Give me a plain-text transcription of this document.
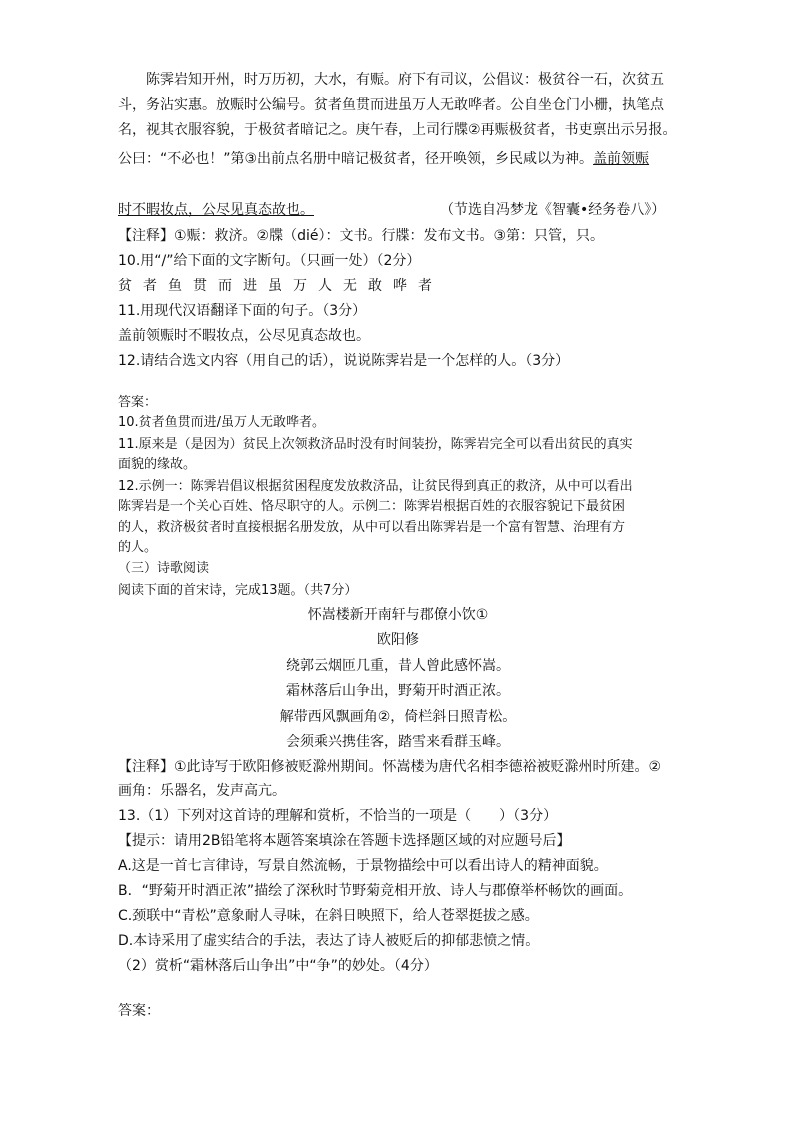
陈霁岩知开州，时万历初，大水，有赈。府下有司议，公倡议：极贫谷一石，次贫五
斗，务沾实惠。放赈时公编号。贫者鱼贯而进虽万人无敢哗者。公自坐仓门小栅，执笔点
名，视其衣服容貌，于极贫者暗记之。庚午春，上司行牒②再赈极贫者，书吏禀出示另报。
公曰：“不必也！”第③出前点名册中暗记极贫者，径开唤领，乡民咸以为神。盖前领赈
时不暇妆点，公尽见真态故也。	（节选自冯梦龙《智囊•经务卷八》）
【注释】①赈：救济。②牒（dié）：文书。行牒：发布文书。③第：只管，只。
10.用“/”给下面的文字断句。（只画一处）（2分）
贫者鱼贯而进虽万人无敢哗者
11.用现代汉语翻译下面的句子。（3分）
盖前领赈时不暇妆点，公尽见真态故也。
12.请结合选文内容（用自己的话），说说陈霁岩是一个怎样的人。（3分）
答案：
10.贫者鱼贯而进/虽万人无敢哗者。
11.原来是（是因为）贫民上次领救济品时没有时间装扮，陈霁岩完全可以看出贫民的真实
面貌的缘故。
12.示例一：陈霁岩倡议根据贫困程度发放救济品，让贫民得到真正的救济，从中可以看出
陈霁岩是一个关心百姓、恪尽职守的人。示例二：陈霁岩根据百姓的衣服容貌记下最贫困
的人，救济极贫者时直接根据名册发放，从中可以看出陈霁岩是一个富有智慧、治理有方
的人。
（三）诗歌阅读
阅读下面的首宋诗，完成13题。（共7分）
怀嵩楼新开南轩与郡僚小饮①
欧阳修
绕郭云烟匝几重，昔人曾此感怀嵩。
霜林落后山争出，野菊开时酒正浓。
解带西风飘画角②，倚栏斜日照青松。
会须乘兴携佳客，踏雪来看群玉峰。
【注释】①此诗写于欧阳修被贬滁州期间。怀嵩楼为唐代名相李德裕被贬滁州时所建。②
画角：乐器名，发声高亢。
13.（1）下列对这首诗的理解和赏析，不恰当的一项是（　　）（3分）
【提示：请用2B铅笔将本题答案填涂在答题卡选择题区域的对应题号后】
A.这是一首七言律诗，写景自然流畅，于景物描绘中可以看出诗人的精神面貌。
B．“野菊开时酒正浓”描绘了深秋时节野菊竞相开放、诗人与郡僚举杯畅饮的画面。
C.颈联中“青松”意象耐人寻味，在斜日映照下，给人苍翠挺拔之感。
D.本诗采用了虚实结合的手法，表达了诗人被贬后的抑郁悲愤之情。
（2）赏析“霜林落后山争出”中“争”的妙处。（4分）
答案：
